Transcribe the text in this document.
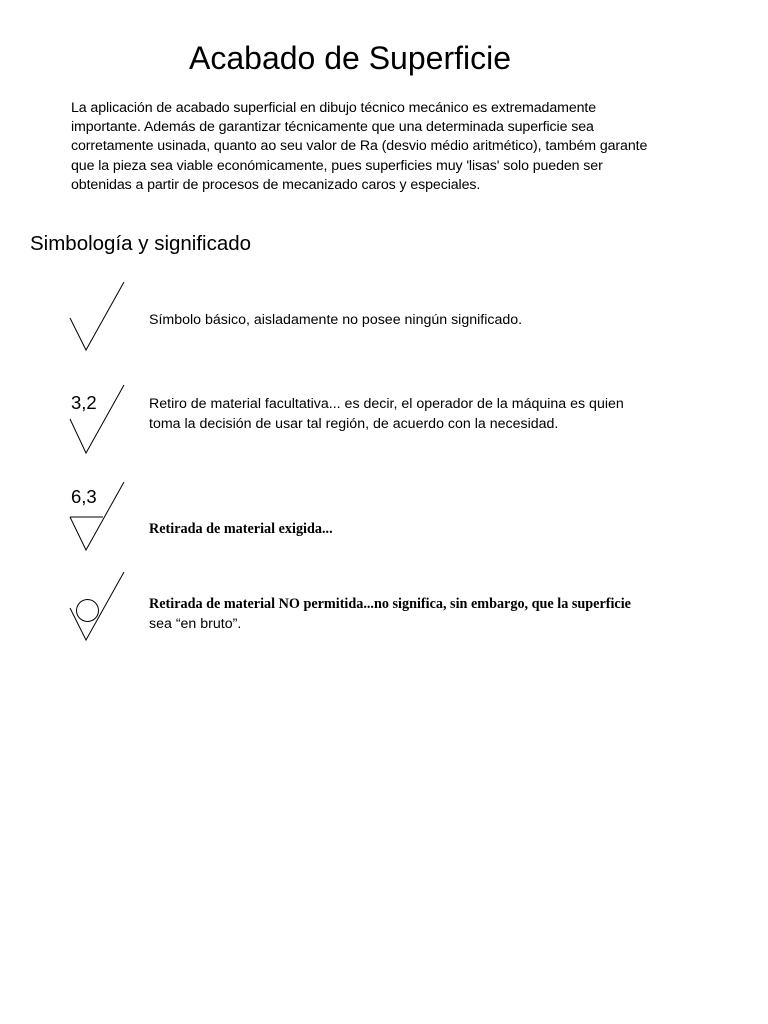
Acabado de Superficie

La aplicación de acabado superficial en dibujo técnico mecánico es extremadamente importante. Además de garantizar técnicamente que una determinada superficie sea corretamente usinada, quanto ao seu valor de Ra (desvio médio aritmético), também garante que la pieza sea viable económicamente, pues superficies muy 'lisas' solo pueden ser obtenidas a partir de procesos de mecanizado caros y especiales.

Simbología y significado

Símbolo básico, aisladamente no posee ningún significado.

3,2	Retiro de material facultativa... es decir, el operador de la máquina es quien toma la decisión de usar tal región, de acuerdo con la necesidad.

6,3

Retirada de material exigida...

Retirada de material NO permitida...no significa, sin embargo, que la superficie
sea “en bruto”.
